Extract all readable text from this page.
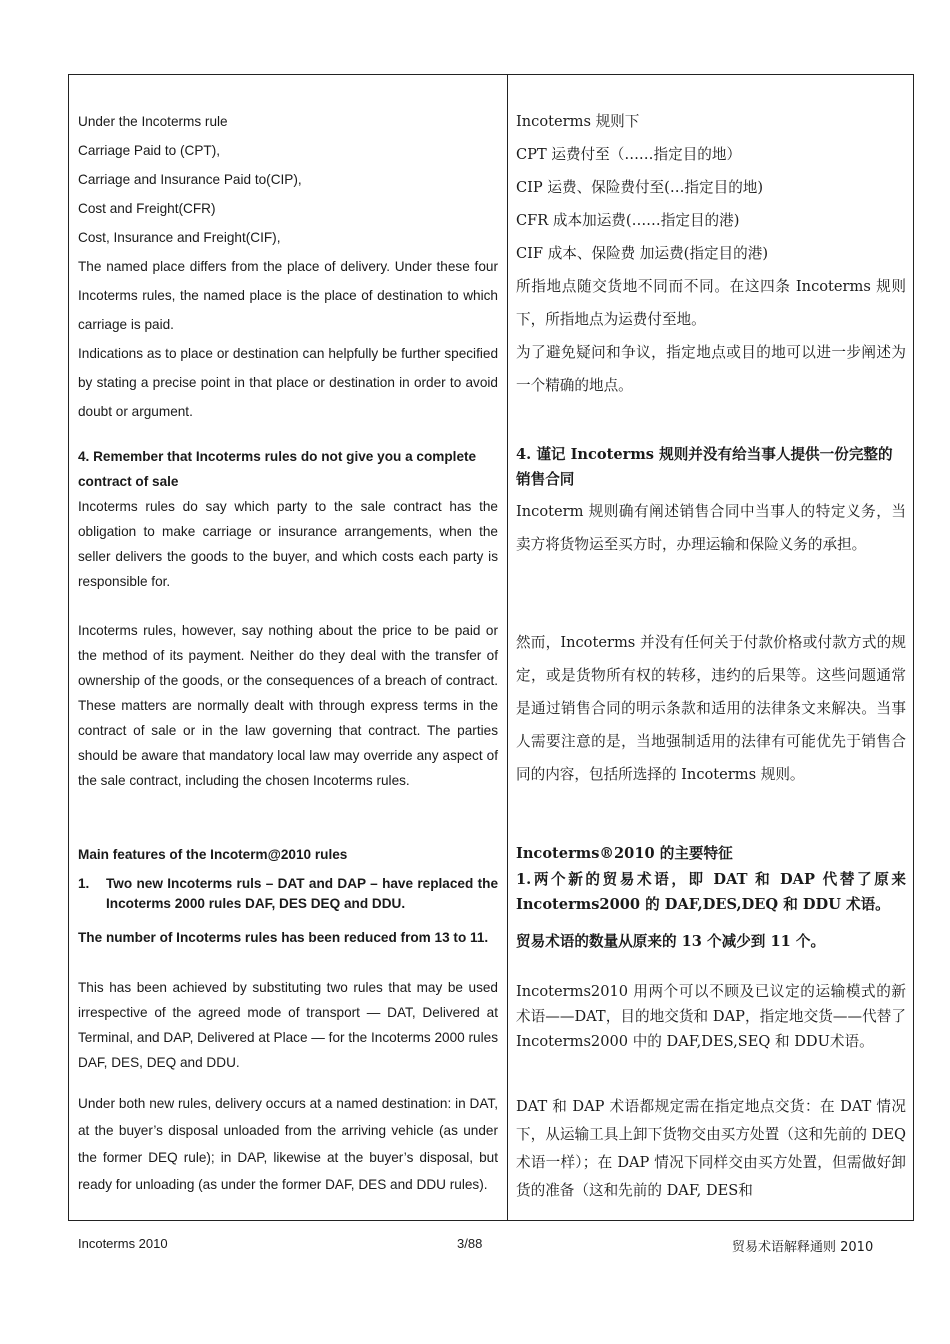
Under the Incoterms rule
Carriage Paid to (CPT),
Carriage and Insurance Paid to(CIP),
Cost and Freight(CFR)
Cost, Insurance and Freight(CIF),
The named place differs from the place of delivery. Under these four Incoterms rules, the named place is the place of destination to which carriage is paid.
Indications as to place or destination can helpfully be further specified by stating a precise point in that place or destination in order to avoid doubt or argument.
4. Remember that Incoterms rules do not give you a complete contract of sale
Incoterms rules do say which party to the sale contract has the obligation to make carriage or insurance arrangements, when the seller delivers the goods to the buyer, and which costs each party is responsible for.
Incoterms rules, however, say nothing about the price to be paid or the method of its payment. Neither do they deal with the transfer of ownership of the goods, or the consequences of a breach of contract. These matters are normally dealt with through express terms in the contract of sale or in the law governing that contract. The parties should be aware that mandatory local law may override any aspect of the sale contract, including the chosen Incoterms rules.
Main features of the Incoterm@2010 rules
1.	Two new Incoterms ruls – DAT and DAP – have replaced the Incoterms 2000 rules DAF, DES DEQ and DDU.
The number of Incoterms rules has been reduced from 13 to 11.
This has been achieved by substituting two rules that may be used irrespective of the agreed mode of transport — DAT, Delivered at Terminal, and DAP, Delivered at Place — for the Incoterms 2000 rules DAF, DES, DEQ and DDU.
Under both new rules, delivery occurs at a named destination: in DAT, at the buyer’s disposal unloaded from the arriving vehicle (as under the former DEQ rule); in DAP, likewise at the buyer’s disposal, but ready for unloading (as under the former DAF, DES and DDU rules).
Incoterms 规则下
CPT 运费付至（……指定目的地）
CIP 运费、保险费付至(…指定目的地)
CFR 成本加运费(……指定目的港)
CIF 成本、保险费 加运费(指定目的港)
所指地点随交货地不同而不同。在这四条 Incoterms 规则下，所指地点为运费付至地。
为了避免疑问和争议，指定地点或目的地可以进一步阐述为一个精确的地点。
4. 谨记 Incoterms 规则并没有给当事人提供一份完整的销售合同
Incoterm 规则确有阐述销售合同中当事人的特定义务，当卖方将货物运至买方时，办理运输和保险义务的承担。
然而，Incoterms 并没有任何关于付款价格或付款方式的规定，或是货物所有权的转移，违约的后果等。这些问题通常是通过销售合同的明示条款和适用的法律条文来解决。当事人需要注意的是，当地强制适用的法律有可能优先于销售合同的内容，包括所选择的 Incoterms 规则。
Incoterms®2010 的主要特征
1.两个新的贸易术语，即 DAT 和 DAP 代替了原来 Incoterms2000 的 DAF,DES,DEQ 和 DDU 术语。
贸易术语的数量从原来的 13 个减少到 11 个。
Incoterms2010 用两个可以不顾及已议定的运输模式的新术语——DAT，目的地交货和 DAP，指定地交货——代替了 Incoterms2000 中的 DAF,DES,SEQ 和 DDU术语。
DAT 和 DAP 术语都规定需在指定地点交货：在 DAT 情况下，从运输工具上卸下货物交由买方处置（这和先前的 DEQ 术语一样）；在 DAP 情况下同样交由买方处置，但需做好卸货的准备（这和先前的 DAF, DES和
Incoterms 2010	3/88	贸易术语解释通则 2010
